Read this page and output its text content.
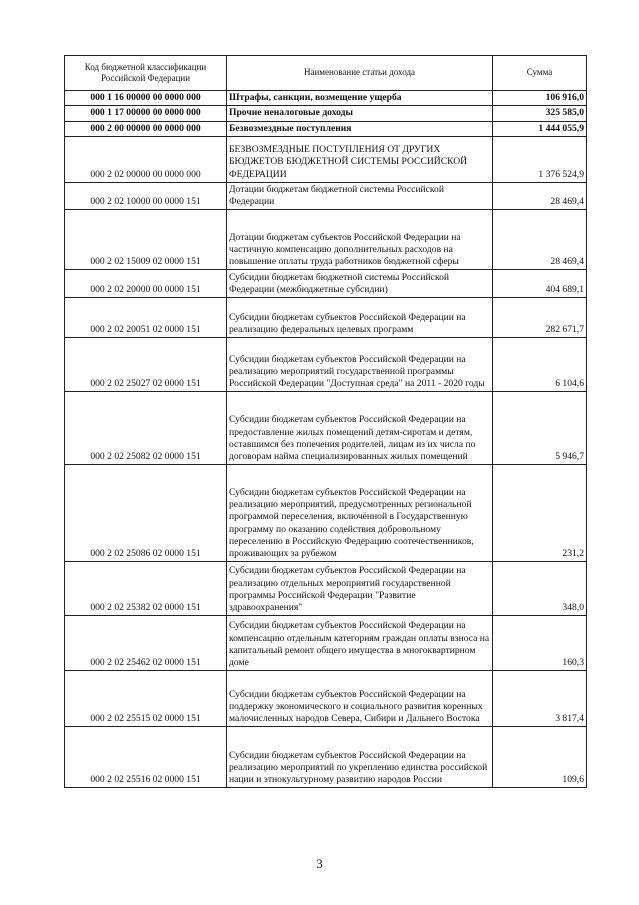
Код бюджетной классификации Российской Федерации	Наименование статьи дохода	Сумма
000 1 16 00000 00 0000 000	Штрафы, санкции, возмещение ущерба	106 916,0
000 1 17 00000 00 0000 000	Прочие неналоговые доходы	325 585,0
000 2 00 00000 00 0000 000	Безвозмездные поступления	1 444 055,9
000 2 02 00000 00 0000 000	БЕЗВОЗМЕЗДНЫЕ ПОСТУПЛЕНИЯ ОТ ДРУГИХ БЮДЖЕТОВ БЮДЖЕТНОЙ СИСТЕМЫ РОССИЙСКОЙ ФЕДЕРАЦИИ	1 376 524,9
000 2 02 10000 00 0000 151	Дотации бюджетам бюджетной системы Российской Федерации	28 469,4
000 2 02 15009 02 0000 151	Дотации бюджетам субъектов Российской Федерации на частичную компенсацию дополнительных расходов на повышение оплаты труда работников бюджетной сферы	28 469,4
000 2 02 20000 00 0000 151	Субсидии бюджетам бюджетной системы Российской Федерации (межбюджетные субсидии)	404 689,1
000 2 02 20051 02 0000 151	Субсидии бюджетам субъектов Российской Федерации на реализацию федеральных целевых программ	282 671,7
000 2 02 25027 02 0000 151	Субсидии бюджетам субъектов Российской Федерации на реализацию мероприятий государственной программы Российской Федерации "Доступная среда" на 2011 - 2020 годы	6 104,6
000 2 02 25082 02 0000 151	Субсидии бюджетам субъектов Российской Федерации на предоставление жилых помещений детям-сиротам и детям, оставшимся без попечения родителей, лицам из их числа по договорам найма специализированных жилых помещений	5 946,7
000 2 02 25086 02 0000 151	Субсидии бюджетам субъектов Российской Федерации на реализацию мероприятий, предусмотренных региональной программой переселения, включённой в Государственную программу по оказанию содействия добровольному переселению в Российскую Федерацию соотечественников, проживающих за рубежом	231,2
000 2 02 25382 02 0000 151	Субсидии бюджетам субъектов Российской Федерации на реализацию отдельных мероприятий государственной программы Российской Федерации "Развитие здравоохранения"	348,0
000 2 02 25462 02 0000 151	Субсидии бюджетам субъектов Российской Федерации на компенсацию отдельным категориям граждан оплаты взноса на капитальный ремонт общего имущества в многоквартирном доме	160,3
000 2 02 25515 02 0000 151	Субсидии бюджетам субъектов Российской Федерации на поддержку экономического и социального развития коренных малочисленных народов Севера, Сибири и Дальнего Востока	3 817,4
000 2 02 25516 02 0000 151	Субсидии бюджетам субъектов Российской Федерации на реализацию мероприятий по укреплению единства российской нации и этнокультурному развитию народов России	109,6
3
